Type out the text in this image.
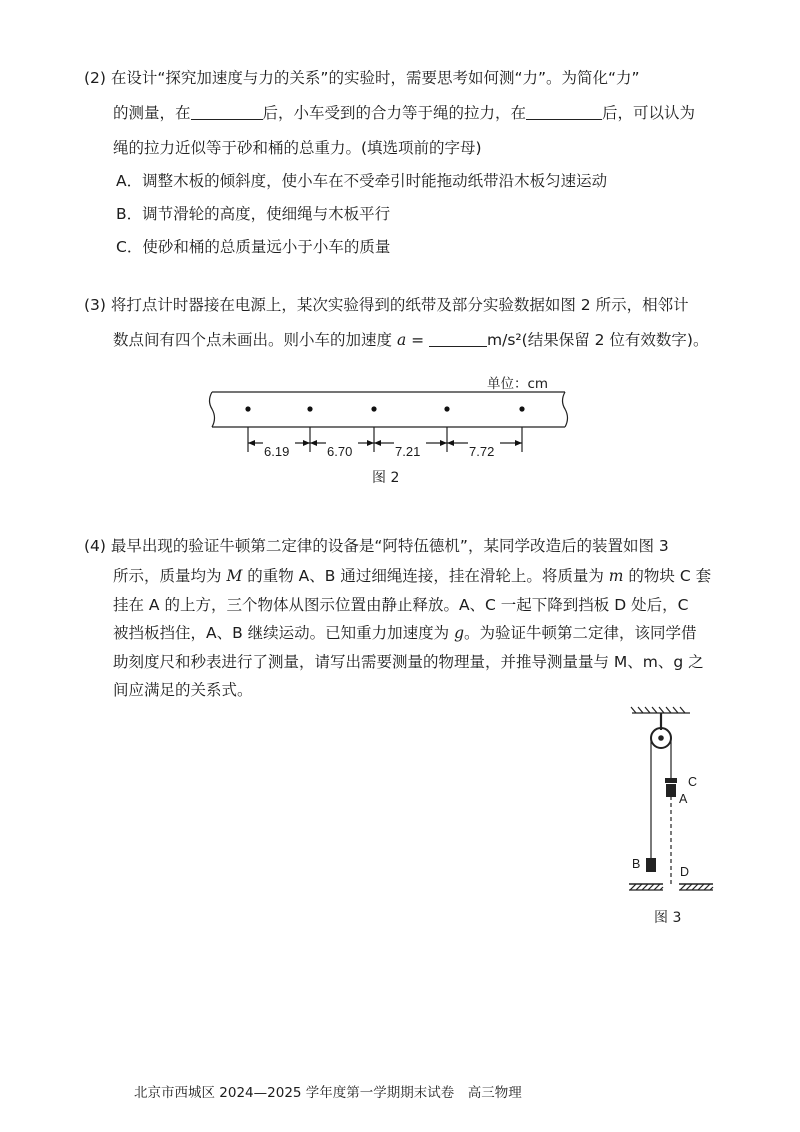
(2) 在设计“探究加速度与力的关系”的实验时，需要思考如何测“力”。为简化“力”
的测量，在	后，小车受到的合力等于绳的拉力，在	后，可以认为
绳的拉力近似等于砂和桶的总重力。(填选项前的字母)
A．调整木板的倾斜度，使小车在不受牵引时能拖动纸带沿木板匀速运动
B．调节滑轮的高度，使细绳与木板平行
C．使砂和桶的总质量远小于小车的质量
(3) 将打点计时器接在电源上，某次实验得到的纸带及部分实验数据如图 2 所示，相邻计
数点间有四个点未画出。则小车的加速度 a =	m/s²(结果保留 2 位有效数字)。
单位：cm
6.19	6.70	7.21	7.72
图 2
(4) 最早出现的验证牛顿第二定律的设备是“阿特伍德机”，某同学改造后的装置如图 3
所示，质量均为 M 的重物 A、B 通过细绳连接，挂在滑轮上。将质量为 m 的物块 C 套
挂在 A 的上方，三个物体从图示位置由静止释放。A、C 一起下降到挡板 D 处后，C
被挡板挡住，A、B 继续运动。已知重力加速度为 g。为验证牛顿第二定律，该同学借
助刻度尺和秒表进行了测量，请写出需要测量的物理量，并推导测量量与 M、m、g 之
间应满足的关系式。
C
A
B
D
图 3
北京市西城区 2024—2025 学年度第一学期期末试卷　高三物理
